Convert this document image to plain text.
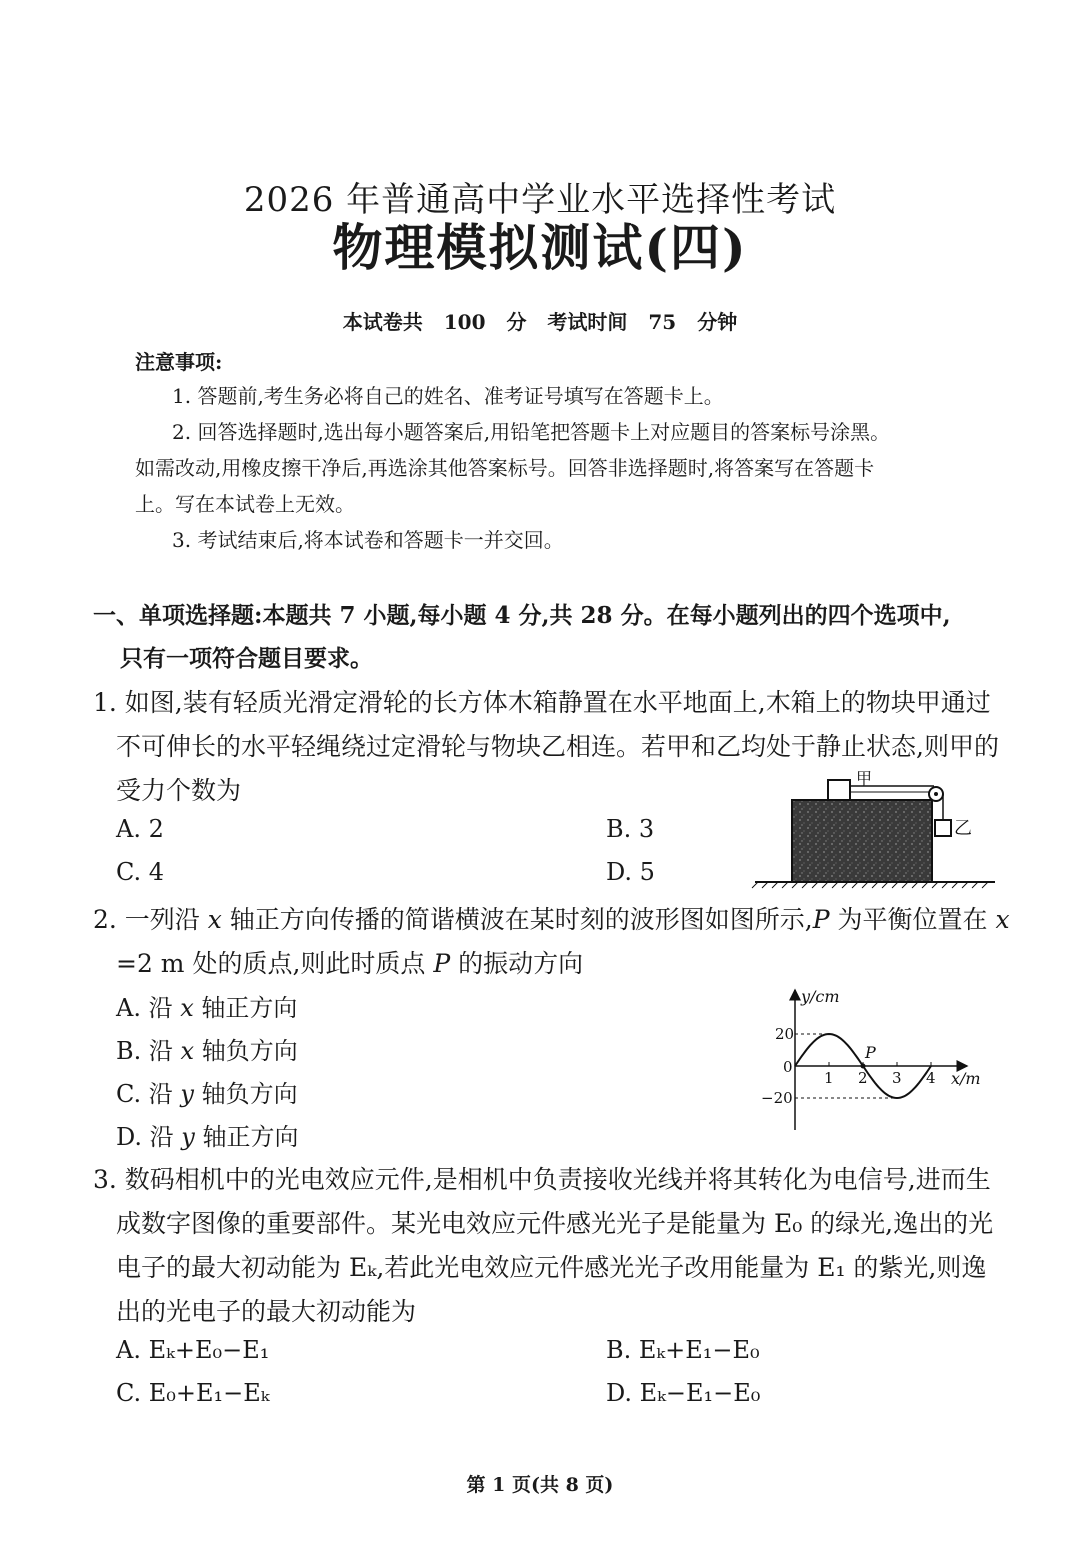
2026 年普通高中学业水平选择性考试
物理模拟测试(四)
本试卷共 100 分 考试时间 75 分钟
注意事项:
1. 答题前,考生务必将自己的姓名、准考证号填写在答题卡上。
2. 回答选择题时,选出每小题答案后,用铅笔把答题卡上对应题目的答案标号涂黑。
如需改动,用橡皮擦干净后,再选涂其他答案标号。回答非选择题时,将答案写在答题卡
上。写在本试卷上无效。
3. 考试结束后,将本试卷和答题卡一并交回。
一、单项选择题:本题共 7 小题,每小题 4 分,共 28 分。在每小题列出的四个选项中,
只有一项符合题目要求。
1. 如图,装有轻质光滑定滑轮的长方体木箱静置在水平地面上,木箱上的物块甲通过
不可伸长的水平轻绳绕过定滑轮与物块乙相连。若甲和乙均处于静止状态,则甲的
受力个数为
A. 2	B. 3
C. 4	D. 5
甲
乙
2. 一列沿 x 轴正方向传播的简谐横波在某时刻的波形图如图所示,P 为平衡位置在 x
=2 m 处的质点,则此时质点 P 的振动方向
A. 沿 x 轴正方向
B. 沿 x 轴负方向
C. 沿 y 轴负方向
D. 沿 y 轴正方向
1 2 3 4
y/cm
x/m
0
20
−20
P
3. 数码相机中的光电效应元件,是相机中负责接收光线并将其转化为电信号,进而生
成数字图像的重要部件。某光电效应元件感光光子是能量为 E₀ 的绿光,逸出的光
电子的最大初动能为 Eₖ,若此光电效应元件感光光子改用能量为 E₁ 的紫光,则逸
出的光电子的最大初动能为
A. Eₖ+E₀−E₁	B. Eₖ+E₁−E₀
C. E₀+E₁−Eₖ	D. Eₖ−E₁−E₀
第 1 页(共 8 页)
